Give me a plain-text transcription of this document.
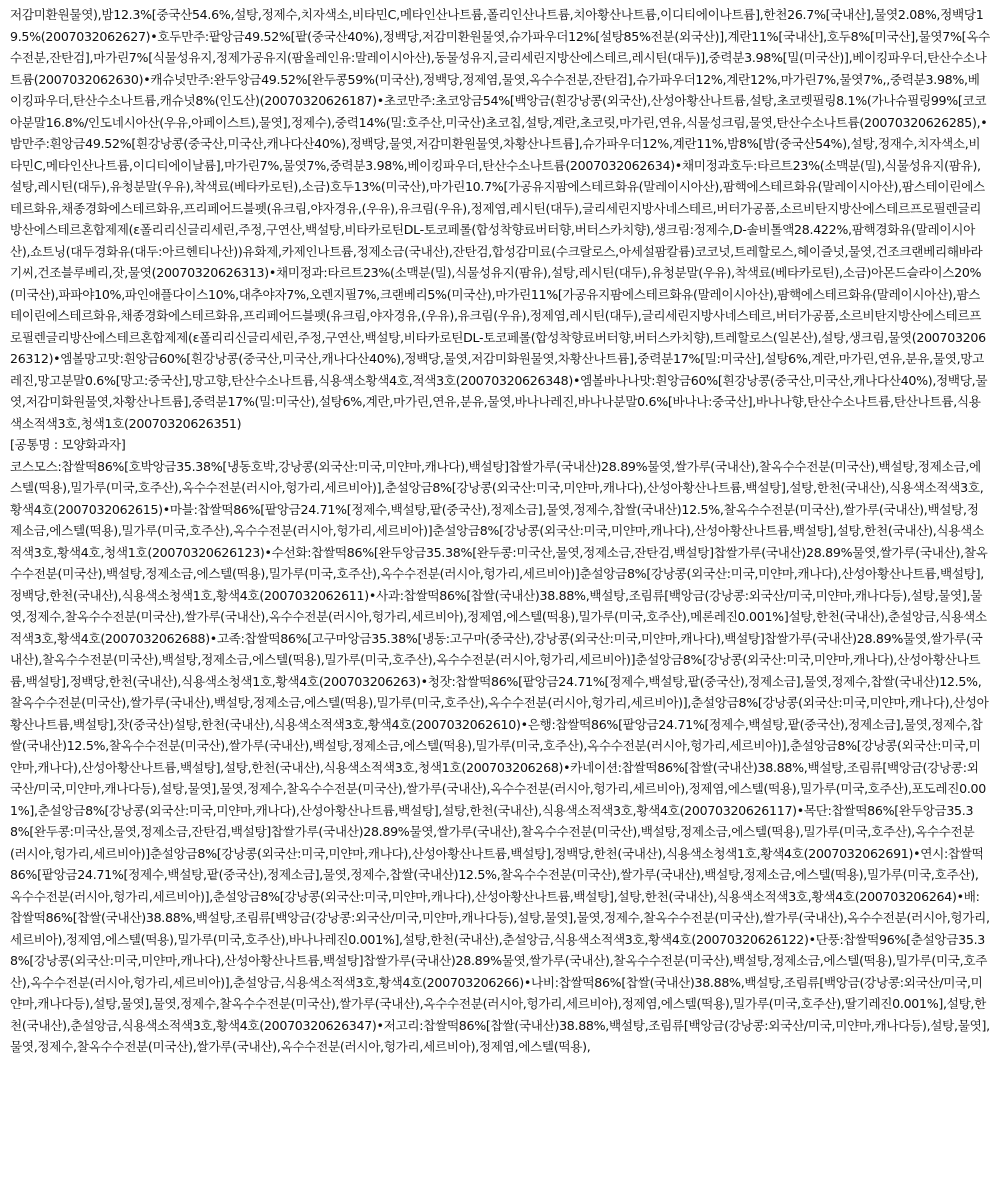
저감미환원물엿),밤12.3%[중국산54.6%,설탕,정제수,치자색소,비타민C,메타인산나트륨,폴리인산나트륨,치아황산나트륨,이디티에이나트륨],한천26.7%[국내산],물엿2.08%,정백당19.5%(2007032062627)•호두만주:팥앙금49.52%[팥(중국산40%),정백당,저감미환원물엿,슈가파우더12%[설탕85%전분(외국산)],계란11%[국내산],호두8%[미국산],물엿7%[옥수수전분,잔탄검],마가린7%[식물성유지,정제가공유지(팜올레인유:말레이시아산),동물성유지,글리세린지방산에스테르,레시틴(대두)],중력분3.98%[밀(미국산)],베이킹파우더,탄산수소나트륨(2007032062630)•캐슈넛만주:완두앙금49.52%[완두콩59%(미국산),정백당,정제염,물엿,옥수수전분,잔탄검],슈가파우더12%,계란12%,마가린7%,물엿7%,,중력분3.98%,베이킹파우더,탄산수소나트륨,캐슈넛8%(인도산)(20070320626187)•초코만주:초코앙금54%[백앙금(흰강낭콩(외국산),산성아황산나트륨,설탕,초코렛필링8.1%(가나슈필링99%[코코아분말16.8%/인도네시아산(우유,아페이스트),물엿],정제수),중력14%(밀:호주산,미국산)초코칩,설탕,계란,초코릿,마가린,연유,식물성크림,물엿,탄산수소나트륨(20070320626285),•밤만주:흰앙금49.52%[흰강낭콩(중국산,미국산,캐나다산40%),정백당,물엿,저감미환원물엿,차황산나트륨],슈가파우더12%,계란11%,밤8%[밤(중국산54%),설탕,정재수,치자색소,비타민C,메타인산나트륨,이디티에이날륨],마가린7%,물엿7%,중력분3.98%,베이킹파우더,탄산수소나트륨(2007032062634)•채미정과호두:타르트23%(소맥분(밀),식물성유지(팜유),설탕,레시틴(대두),유청분말(우유),착색료(베타카로틴),소금)호두13%(미국산),마가린10.7%[가공유지팜에스테르화유(말레이시아산),팜핵에스테르화유(말레이시아산),팜스테이린에스테르화유,채종경화에스테르화유,프리페어드블펫(유크림,야자경유,(우유),유크림(우유),정제염,레시틴(대두),글리세린지방사네스테르,버터가공품,소르비탄지방산에스테르프로필렌글리방산에스테르혼합제제(ε폴리리신글리세린,주정,구연산,백설탕,비타카로틴DL-토코페롤(합성착향료버터향,버터스카치향),생크림:정제수,D-솔비톨액28.422%,팜핵경화유(말레이시아산),쇼트닝(대두경화유(대두:아르헨티나산))유화제,카제인나트륨,정제소금(국내산),잔탄검,합성감미료(수크랄로스,아세설팜칼륨)코코넛,트레할로스,헤이즐넛,물엿,건조크랜베리해바라기씨,건조블루베리,잣,물엿(20070320626313)•채미정과:타르트23%(소맥분(밀),식물성유지(팜유),설탕,레시틴(대두),유청분말(우유),착색료(베타카로틴),소금)아몬드슬라이스20%(미국산),파파야10%,파인애플다이스10%,대추야자7%,오렌지필7%,크랜베리5%(미국산),마가린11%[가공유지팜에스테르화유(말레이시아산),팜핵에스테르화유(말레이시아산),팜스테이린에스테르화유,채종경화에스테르화유,프리페어드블펫(유크림,야자경유,(우유),유크림(우유),정제염,레시틴(대두),글리세린지방사네스테르,버터가공품,소르비탄지방산에스테르프로필렌글리방산에스테르혼합제제(ε폴리리신글리세린,주정,구연산,백설탕,비타카로틴DL-토코페롤(합성착향료버터향,버터스카치향),트레할로스(일본산),설탕,생크림,물엿(20070320626312)•엠볼망고맛:흰앙금60%[흰강낭콩(중국산,미국산,캐나다산40%),정백당,물엿,저감미화원물엿,차황산나트륨],중력분17%[밀:미국산],설탕6%,계란,마가린,연유,분유,물엿,망고레진,망고분말0.6%[망고:중국산],망고향,탄산수소나트륨,식용색소황색4호,적색3호(20070320626348)•엠볼바나나맛:흰앙금60%[흰강낭콩(중국산,미국산,캐나다산40%),정백당,물엿,저감미화원물엿,차황산나트륨],중력분17%(밀:미국산),설탕6%,계란,마가린,연유,분유,물엿,바나나레진,바나나분말0.6%[바나나:중국산],바나나향,탄산수소나트륨,탄산나트륨,식용색소적색3호,청색1호(20070320626351)

[공통명 : 모양화과자]

코스모스:찹쌀떡86%[호박앙금35.38%[냉동호박,강낭콩(외국산:미국,미얀마,캐나다),백설탕]찹쌀가루(국내산)28.89%물엿,쌀가루(국내산),찰옥수수전분(미국산),백설탕,정제소금,에스텔(떡용),밀가루(미국,호주산),옥수수전분(러시아,헝가리,세르비아)],춘설앙금8%[강낭콩(외국산:미국,미얀마,캐나다),산성아황산나트륨,백설탕],설탕,한천(국내산),식용색소적색3호,황색4호(2007032062615)•마블:찹쌀떡86%[팥앙금24.71%[정제수,백설탕,팥(중국산),정제소금],물엿,정제수,찹쌀(국내산)12.5%,찰옥수수전분(미국산),쌀가루(국내산),백설탕,정제소금,에스텔(떡용),밀가루(미국,호주산),옥수수전분(러시아,헝가리,세르비아)]춘설앙금8%[강낭콩(외국산:미국,미얀마,캐나다),산성아황산나트륨,백설탕],설탕,한천(국내산),식용색소적색3호,황색4호,청색1호(20070320626123)•수선화:찹쌀떡86%[완두앙금35.38%[완두콩:미국산,물엿,정제소금,잔탄검,백설탕]찹쌀가루(국내산)28.89%물엿,쌀가루(국내산),찰옥수수전분(미국산),백설탕,정제소금,에스텔(떡용),밀가루(미국,호주산),옥수수전분(러시아,헝가리,세르비아)]춘설앙금8%[강낭콩(외국산:미국,미얀마,캐나다),산성아황산나트륨,백설탕],정백당,한천(국내산),식용색소청색1호,황색4호(2007032062611)•사과:찹쌀떡86%[찹쌀(국내산)38.88%,백설탕,조림류[백앙금(강낭콩:외국산/미국,미얀마,캐나다등),설탕,물엿],물엿,정제수,찰옥수수전분(미국산),쌀가루(국내산),옥수수전분(러시아,헝가리,세르비아),정제염,에스텔(떡용),밀가루(미국,호주산),메론레진0.001%]설탕,한천(국내산),춘설앙금,식용색소적색3호,황색4호(2007032062688)•고족:찹쌀떡86%[고구마앙금35.38%[냉동:고구마(중국산),강낭콩(외국산:미국,미얀마,캐나다),백설탕]찹쌀가루(국내산)28.89%물엿,쌀가루(국내산),찰옥수수전분(미국산),백설탕,정제소금,에스텔(떡용),밀가루(미국,호주산),옥수수전분(러시아,헝가리,세르비아)]춘설앙금8%[강낭콩(외국산:미국,미얀마,캐나다),산성아황산나트륨,백설탕],정백당,한천(국내산),식용색소청색1호,황색4호(200703206263)•청잣:찹쌀떡86%[팥앙금24.71%[정제수,백설탕,팥(중국산),정제소금],물엿,정제수,찹쌀(국내산)12.5%,찰옥수수전분(미국산),쌀가루(국내산),백설탕,정제소금,에스텔(떡용),밀가루(미국,호주산),옥수수전분(러시아,헝가리,세르비아)],춘설앙금8%[강낭콩(외국산:미국,미얀마,캐나다),산성아황산나트륨,백설탕],잣(중국산)설탕,한천(국내산),식용색소적색3호,황색4호(2007032062610)•은행:찹쌀떡86%[팥앙금24.71%[정제수,백설탕,팥(중국산),정제소금],물엿,정제수,찹쌀(국내산)12.5%,찰옥수수전분(미국산),쌀가루(국내산),백설탕,정제소금,에스텔(떡용),밀가루(미국,호주산),옥수수전분(러시아,헝가리,세르비아)],춘설앙금8%[강낭콩(외국산:미국,미얀마,캐나다),산성아황산나트륨,백설탕],설탕,한천(국내산),식용색소적색3호,청색1호(200703206268)•카네이션:찹쌀떡86%[찹쌀(국내산)38.88%,백설탕,조림류[백앙금(강낭콩:외국산/미국,미얀마,캐나다등),설탕,물엿],물엿,정제수,찰옥수수전분(미국산),쌀가루(국내산),옥수수전분(러시아,헝가리,세르비아),정제염,에스텔(떡용),밀가루(미국,호주산),포도레진0.001%],춘설앙금8%[강낭콩(외국산:미국,미얀마,캐나다),산성아황산나트륨,백설탕],설탕,한천(국내산),식용색소적색3호,황색4호(20070320626117)•목단:찹쌀떡86%[완두앙금35.38%[완두콩:미국산,물엿,정제소금,잔탄검,백설탕]찹쌀가루(국내산)28.89%물엿,쌀가루(국내산),찰옥수수전분(미국산),백설탕,정제소금,에스텔(떡용),밀가루(미국,호주산),옥수수전분(러시아,헝가리,세르비아)]춘설앙금8%[강낭콩(외국산:미국,미얀마,캐나다),산성아황산나트륨,백설탕],정백당,한천(국내산),식용색소청색1호,황색4호(2007032062691)•연시:찹쌀떡86%[팥앙금24.71%[정제수,백설탕,팥(중국산),정제소금],물엿,정제수,찹쌀(국내산)12.5%,찰옥수수전분(미국산),쌀가루(국내산),백설탕,정제소금,에스텔(떡용),밀가루(미국,호주산),옥수수전분(러시아,헝가리,세르비아)],춘설앙금8%[강낭콩(외국산:미국,미얀마,캐나다),산성아황산나트륨,백설탕],설탕,한천(국내산),식용색소적색3호,황색4호(200703206264)•배:찹쌀떡86%[찹쌀(국내산)38.88%,백설탕,조림류[백앙금(강낭콩:외국산/미국,미얀마,캐나다등),설탕,물엿],물엿,정제수,찰옥수수전분(미국산),쌀가루(국내산),옥수수전분(러시아,헝가리,세르비아),정제염,에스텔(떡용),밀가루(미국,호주산),바나나레진0.001%],설탕,한천(국내산),춘설앙금,식용색소적색3호,황색4호(20070320626122)•단풍:찹쌀떡96%[춘설앙금35.38%[강낭콩(외국산:미국,미얀마,캐나다),산성아황산나트륨,백설탕]찹쌀가루(국내산)28.89%물엿,쌀가루(국내산),찰옥수수전분(미국산),백설탕,정제소금,에스텔(떡용),밀가루(미국,호주산),옥수수전분(러시아,헝가리,세르비아)],춘설앙금,식용색소적색3호,황색4호(200703206266)•나비:찹쌀떡86%[찹쌀(국내산)38.88%,백설탕,조림류[백앙금(강낭콩:외국산/미국,미얀마,캐나다등),설탕,물엿],물엿,정제수,찰옥수수전분(미국산),쌀가루(국내산),옥수수전분(러시아,헝가리,세르비아),정제염,에스텔(떡용),밀가루(미국,호주산),딸기레진0.001%],설탕,한천(국내산),춘설앙금,식용색소적색3호,황색4호(20070320626347)•저고리:찹쌀떡86%[찹쌀(국내산)38.88%,백설탕,조림류[백앙금(강낭콩:외국산/미국,미얀마,캐나다등),설탕,물엿],물엿,정제수,찰옥수수전분(미국산),쌀가루(국내산),옥수수전분(러시아,헝가리,세르비아),정제염,에스텔(떡용),
